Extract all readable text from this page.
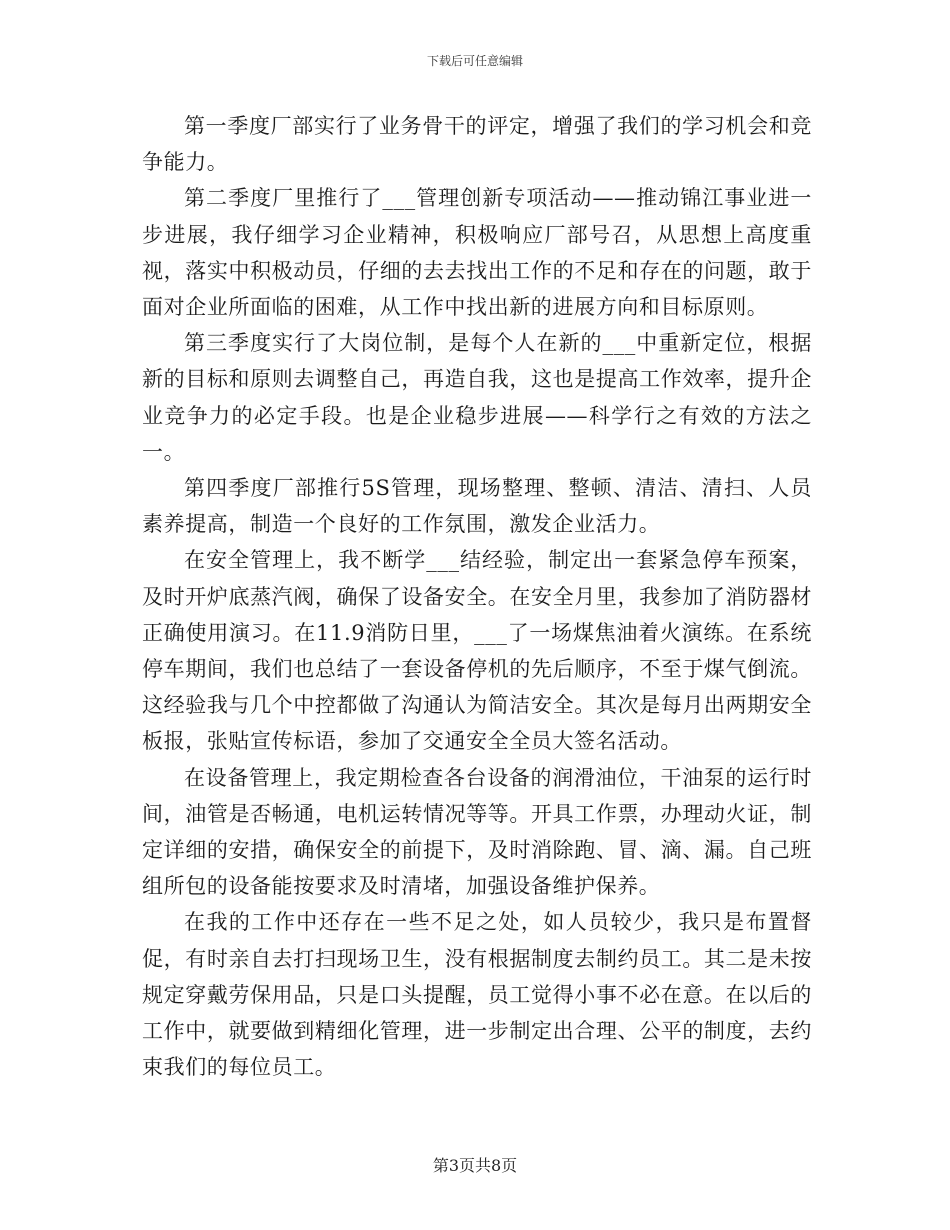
下载后可任意编辑

第一季度厂部实行了业务骨干的评定，增强了我们的学习机会和竞争能力。

第二季度厂里推行了___管理创新专项活动——推动锦江事业进一步进展，我仔细学习企业精神，积极响应厂部号召，从思想上高度重视，落实中积极动员，仔细的去去找出工作的不足和存在的问题，敢于面对企业所面临的困难，从工作中找出新的进展方向和目标原则。

第三季度实行了大岗位制，是每个人在新的___中重新定位，根据新的目标和原则去调整自己，再造自我，这也是提高工作效率，提升企业竞争力的必定手段。也是企业稳步进展——科学行之有效的方法之一。

第四季度厂部推行5S管理，现场整理、整顿、清洁、清扫、人员素养提高，制造一个良好的工作氛围，激发企业活力。

在安全管理上，我不断学___结经验，制定出一套紧急停车预案，及时开炉底蒸汽阀，确保了设备安全。在安全月里，我参加了消防器材正确使用演习。在11.9消防日里，___了一场煤焦油着火演练。在系统停车期间，我们也总结了一套设备停机的先后顺序，不至于煤气倒流。这经验我与几个中控都做了沟通认为简洁安全。其次是每月出两期安全板报，张贴宣传标语，参加了交通安全全员大签名活动。

在设备管理上，我定期检查各台设备的润滑油位，干油泵的运行时间，油管是否畅通，电机运转情况等等。开具工作票，办理动火证，制定详细的安措，确保安全的前提下，及时消除跑、冒、滴、漏。自己班组所包的设备能按要求及时清堵，加强设备维护保养。

在我的工作中还存在一些不足之处，如人员较少，我只是布置督促，有时亲自去打扫现场卫生，没有根据制度去制约员工。其二是未按规定穿戴劳保用品，只是口头提醒，员工觉得小事不必在意。在以后的工作中，就要做到精细化管理，进一步制定出合理、公平的制度，去约束我们的每位员工。

第3页共8页
